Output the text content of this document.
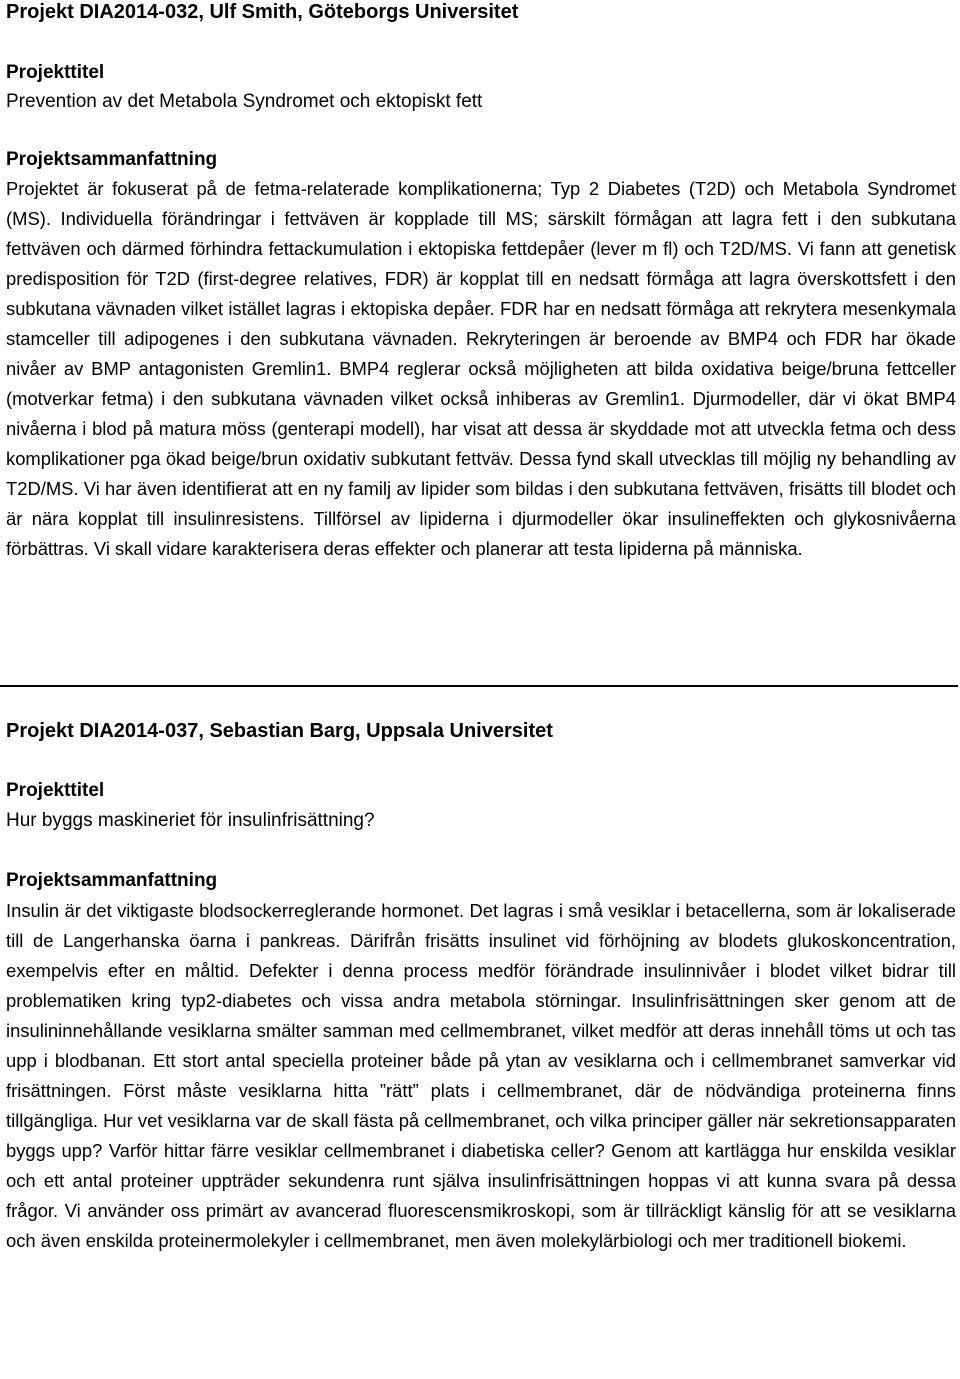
Projekt DIA2014-032, Ulf Smith, Göteborgs Universitet
Projekttitel
Prevention av det Metabola Syndromet och ektopiskt fett
Projektsammanfattning

Projektet är fokuserat på de fetma-relaterade komplikationerna; Typ 2 Diabetes (T2D) och Metabola Syndromet (MS). Individuella förändringar i fettväven är kopplade till MS; särskilt förmågan att lagra fett i den subkutana fettväven och därmed förhindra fettackumulation i ektopiska fettdepåer (lever m fl) och T2D/MS. Vi fann att genetisk predisposition för T2D (first-degree relatives, FDR) är kopplat till en nedsatt förmåga att lagra överskottsfett i den subkutana vävnaden vilket istället lagras i ektopiska depåer. FDR har en nedsatt förmåga att rekrytera mesenkymala stamceller till adipogenes i den subkutana vävnaden. Rekryteringen är beroende av BMP4 och FDR har ökade nivåer av BMP antagonisten Gremlin1. BMP4 reglerar också möjligheten att bilda oxidativa beige/bruna fettceller (motverkar fetma) i den subkutana vävnaden vilket också inhiberas av Gremlin1. Djurmodeller, där vi ökat BMP4 nivåerna i blod på matura möss (genterapi modell), har visat att dessa är skyddade mot att utveckla fetma och dess komplikationer pga ökad beige/brun oxidativ subkutant fettväv. Dessa fynd skall utvecklas till möjlig ny behandling av T2D/MS. Vi har även identifierat att en ny familj av lipider som bildas i den subkutana fettväven, frisätts till blodet och är nära kopplat till insulinresistens. Tillförsel av lipiderna i djurmodeller ökar insulineffekten och glykosnivåerna förbättras. Vi skall vidare karakterisera deras effekter och planerar att testa lipiderna på människa.

Projekt DIA2014-037, Sebastian Barg, Uppsala Universitet
Projekttitel
Hur byggs maskineriet för insulinfrisättning?
Projektsammanfattning

Insulin är det viktigaste blodsockerreglerande hormonet. Det lagras i små vesiklar i betacellerna, som är lokaliserade till de Langerhanska öarna i pankreas. Därifrån frisätts insulinet vid förhöjning av blodets glukoskoncentration, exempelvis efter en måltid. Defekter i denna process medför förändrade insulinnivåer i blodet vilket bidrar till problematiken kring typ2-diabetes och vissa andra metabola störningar. Insulinfrisättningen sker genom att de insulininnehållande vesiklarna smälter samman med cellmembranet, vilket medför att deras innehåll töms ut och tas upp i blodbanan. Ett stort antal speciella proteiner både på ytan av vesiklarna och i cellmembranet samverkar vid frisättningen. Först måste vesiklarna hitta ”rätt” plats i cellmembranet, där de nödvändiga proteinerna finns tillgängliga. Hur vet vesiklarna var de skall fästa på cellmembranet, och vilka principer gäller när sekretionsapparaten byggs upp? Varför hittar färre vesiklar cellmembranet i diabetiska celler? Genom att kartlägga hur enskilda vesiklar och ett antal proteiner uppträder sekundenra runt själva insulinfrisättningen hoppas vi att kunna svara på dessa frågor. Vi använder oss primärt av avancerad fluorescensmikroskopi, som är tillräckligt känslig för att se vesiklarna och även enskilda proteinermolekyler i cellmembranet, men även molekylärbiologi och mer traditionell biokemi.
